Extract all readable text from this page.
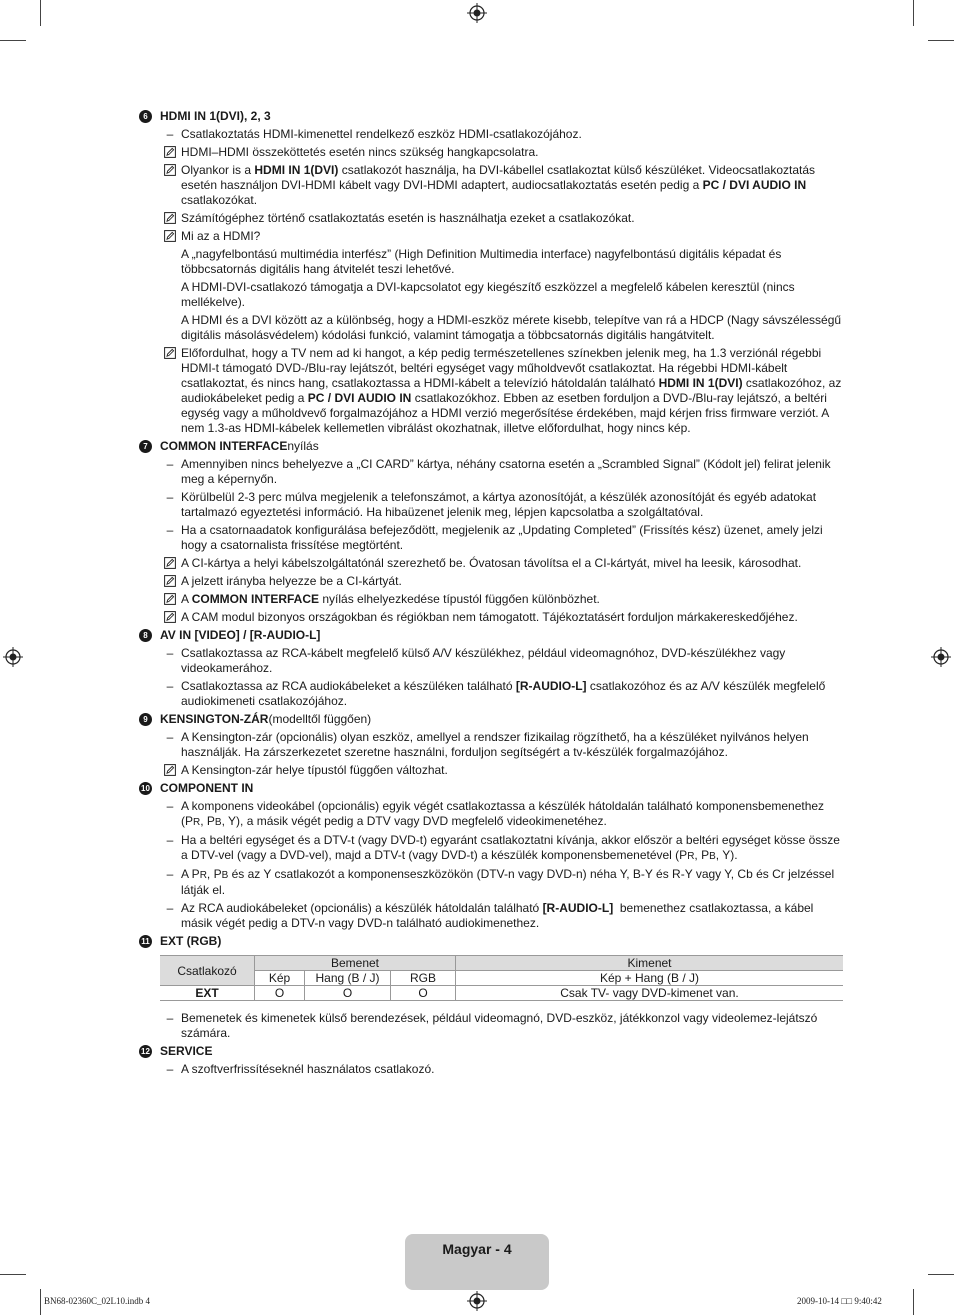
6	HDMI IN 1(DVI), 2, 3
– Csatlakoztatás HDMI-kimenettel rendelkező eszköz HDMI-csatlakozójához.
HDMI–HDMI összeköttetés esetén nincs szükség hangkapcsolatra.
Olyankor is a HDMI IN 1(DVI) csatlakozót használja, ha DVI-kábellel csatlakoztat külső készüléket. Videocsatlakoztatás esetén használjon DVI-HDMI kábelt vagy DVI-HDMI adaptert, audiocsatlakoztatás esetén pedig a PC / DVI AUDIO IN csatlakozókat.
Számítógéphez történő csatlakoztatás esetén is használhatja ezeket a csatlakozókat.
Mi az a HDMI?
A „nagyfelbontású multimédia interfész” (High Definition Multimedia interface) nagyfelbontású digitális képadat és többcsatornás digitális hang átvitelét teszi lehetővé.
A HDMI-DVI-csatlakozó támogatja a DVI-kapcsolatot egy kiegészítő eszközzel a megfelelő kábelen keresztül (nincs mellékelve).
A HDMI és a DVI között az a különbség, hogy a HDMI-eszköz mérete kisebb, telepítve van rá a HDCP (Nagy sávszélességű digitális másolásvédelem) kódolási funkció, valamint támogatja a többcsatornás digitális hangátvitelt.
Előfordulhat, hogy a TV nem ad ki hangot, a kép pedig természetellenes színekben jelenik meg, ha 1.3 verziónál régebbi HDMI-t támogató DVD-/Blu-ray lejátszót, beltéri egységet vagy műholdvevőt csatlakoztat. Ha régebbi HDMI-kábelt csatlakoztat, és nincs hang, csatlakoztassa a HDMI-kábelt a televízió hátoldalán található HDMI IN 1(DVI) csatlakozóhoz, az audiokábeleket pedig a PC / DVI AUDIO IN csatlakozókhoz. Ebben az esetben forduljon a DVD-/Blu-ray lejátszó, a beltéri egység vagy a műholdvevő forgalmazójához a HDMI verzió megerősítése érdekében, majd kérjen friss firmware verziót. A nem 1.3-as HDMI-kábelek kellemetlen vibrálást okozhatnak, illetve előfordulhat, hogy nincs kép.
7	COMMON INTERFACE nyílás
– Amennyiben nincs behelyezve a „CI CARD” kártya, néhány csatorna esetén a „Scrambled Signal” (Kódolt jel) felirat jelenik meg a képernyőn.
– Körülbelül 2-3 perc múlva megjelenik a telefonszámot, a kártya azonosítóját, a készülék azonosítóját és egyéb adatokat tartalmazó egyeztetési információ. Ha hibaüzenet jelenik meg, lépjen kapcsolatba a szolgáltatóval.
– Ha a csatornaadatok konfigurálása befejeződött, megjelenik az „Updating Completed” (Frissítés kész) üzenet, amely jelzi hogy a csatornalista frissítése megtörtént.
A CI-kártya a helyi kábelszolgáltatónál szerezhető be. Óvatosan távolítsa el a CI-kártyát, mivel ha leesik, károsodhat.
A jelzett irányba helyezze be a CI-kártyát.
A COMMON INTERFACE nyílás elhelyezkedése típustól függően különbözhet.
A CAM modul bizonyos országokban és régiókban nem támogatott. Tájékoztatásért forduljon márkakereskedőjéhez.
8	AV IN [VIDEO] / [R-AUDIO-L]
– Csatlakoztassa az RCA-kábelt megfelelő külső A/V készülékhez, például videomagnóhoz, DVD-készülékhez vagy videokamerához.
– Csatlakoztassa az RCA audiokábeleket a készüléken található [R-AUDIO-L] csatlakozóhoz és az A/V készülék megfelelő audiokimeneti csatlakozójához.
9	KENSINGTON-ZÁR (modelltől függően)
– A Kensington-zár (opcionális) olyan eszköz, amellyel a rendszer fizikailag rögzíthető, ha a készüléket nyilvános helyen használják. Ha zárszerkezetet szeretne használni, forduljon segítségért a tv-készülék forgalmazójához.
A Kensington-zár helye típustól függően változhat.
10 COMPONENT IN
– A komponens videokábel (opcionális) egyik végét csatlakoztassa a készülék hátoldalán található komponensbemenethez (PR, PB, Y), a másik végét pedig a DTV vagy DVD megfelelő videokimenetéhez.
– Ha a beltéri egységet és a DTV-t (vagy DVD-t) egyaránt csatlakoztatni kívánja, akkor először a beltéri egységet kösse össze a DTV-vel (vagy a DVD-vel), majd a DTV-t (vagy DVD-t) a készülék komponensbemenetével (PR, PB, Y).
– A PR, PB és az Y csatlakozót a komponenseszközökön (DTV-n vagy DVD-n) néha Y, B-Y és R-Y vagy Y, Cb és Cr jelzéssel látják el.
– Az RCA audiokábeleket (opcionális) a készülék hátoldalán található [R-AUDIO-L]  bemenethez csatlakoztassa, a kábel másik végét pedig a DTV-n vagy DVD-n található audiokimenethez.
11 EXT (RGB)
Csatlakozó	Bemenet			Kimenet
	Kép	Hang (B / J)	RGB	Kép + Hang (B / J)
EXT	O	O	O	Csak TV- vagy DVD-kimenet van.
– Bemenetek és kimenetek külső berendezések, például videomagnó, DVD-eszköz, játékkonzol vagy videolemez-lejátszó számára.
12 SERVICE
– A szoftverfrissítéseknél használatos csatlakozó.
Magyar - 4
BN68-02360C_02L10.indb 4	2009-10-14 □□ 9:40:42
